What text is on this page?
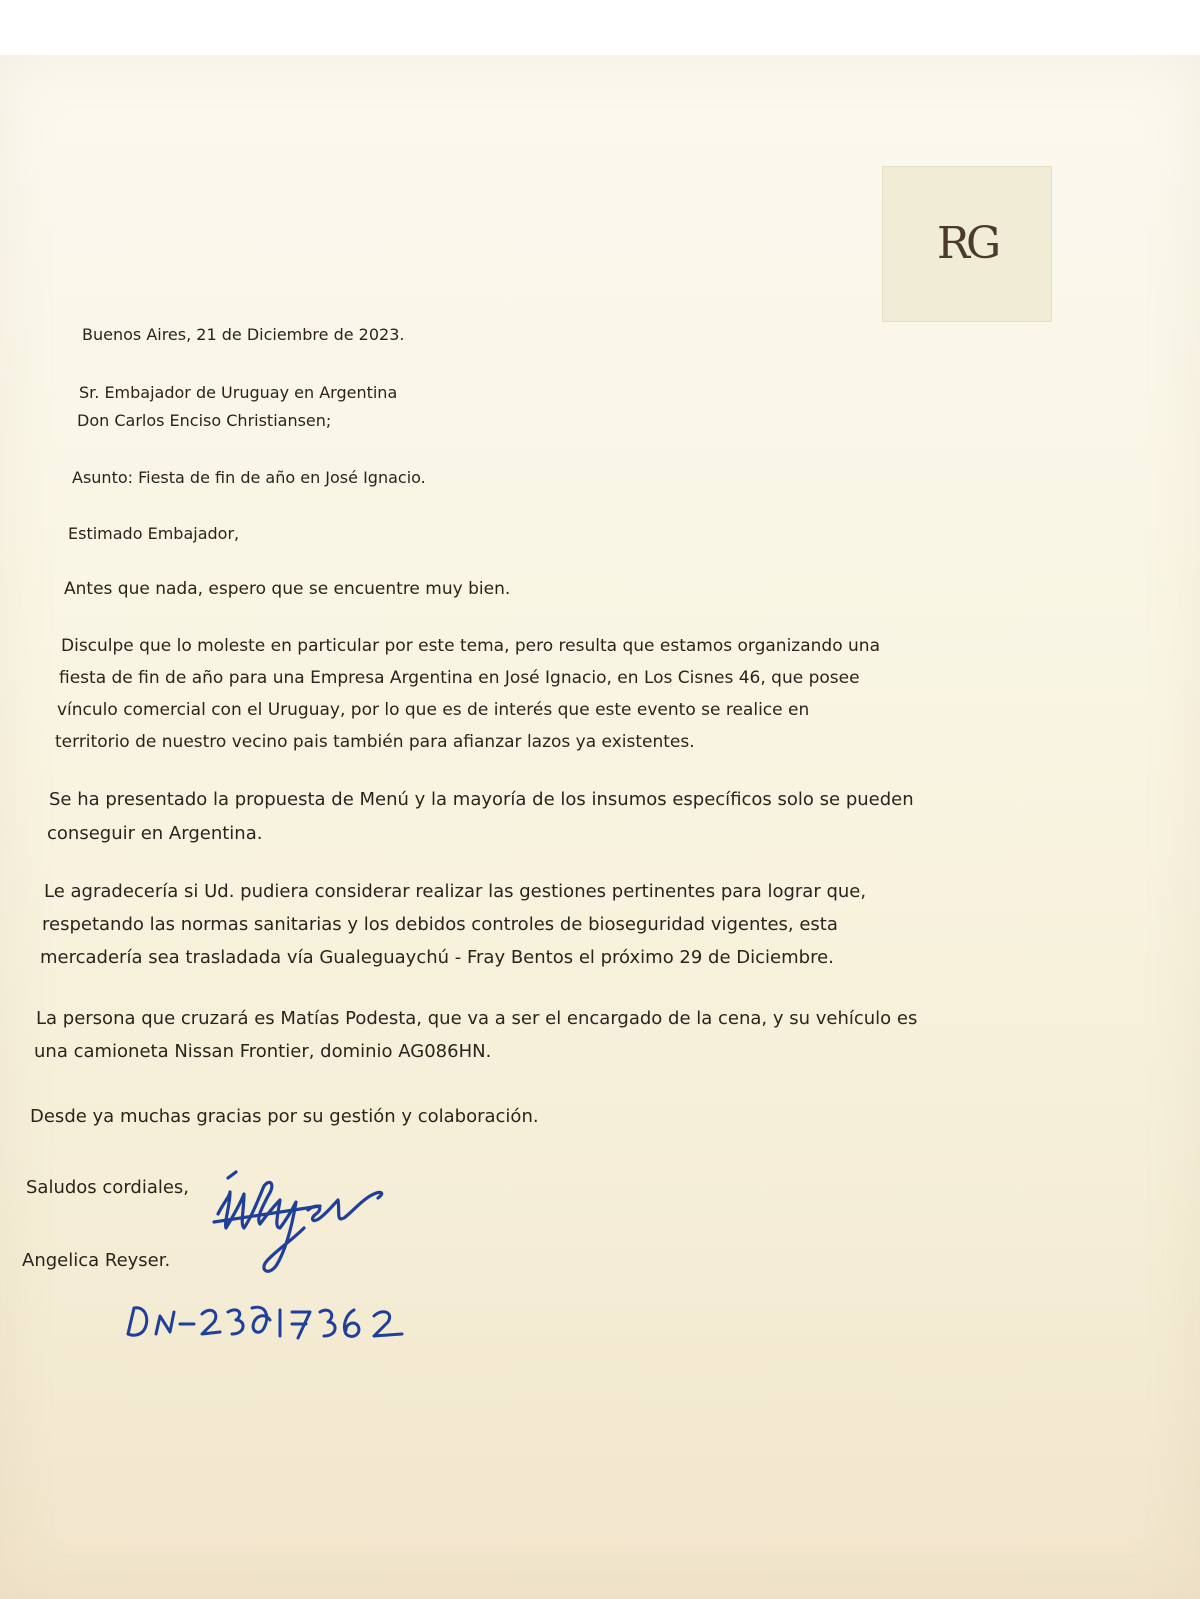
RG
Buenos Aires, 21 de Diciembre de 2023.
Sr. Embajador de Uruguay en Argentina
Don Carlos Enciso Christiansen;
Asunto: Fiesta de fin de año en José Ignacio.
Estimado Embajador,
Antes que nada, espero que se encuentre muy bien.
Disculpe que lo moleste en particular por este tema, pero resulta que estamos organizando una
fiesta de fin de año para una Empresa Argentina en José Ignacio, en Los Cisnes 46, que posee
vínculo comercial con el Uruguay, por lo que es de interés que este evento se realice en
territorio de nuestro vecino pais también para afianzar lazos ya existentes.
Se ha presentado la propuesta de Menú y la mayoría de los insumos específicos solo se pueden
conseguir en Argentina.
Le agradecería si Ud. pudiera considerar realizar las gestiones pertinentes para lograr que,
respetando las normas sanitarias y los debidos controles de bioseguridad vigentes, esta
mercadería sea trasladada vía Gualeguaychú - Fray Bentos el próximo 29 de Diciembre.
La persona que cruzará es Matías Podesta, que va a ser el encargado de la cena, y su vehículo es
una camioneta Nissan Frontier, dominio AG086HN.
Desde ya muchas gracias por su gestión y colaboración.
Saludos cordiales,
Angelica Reyser.
